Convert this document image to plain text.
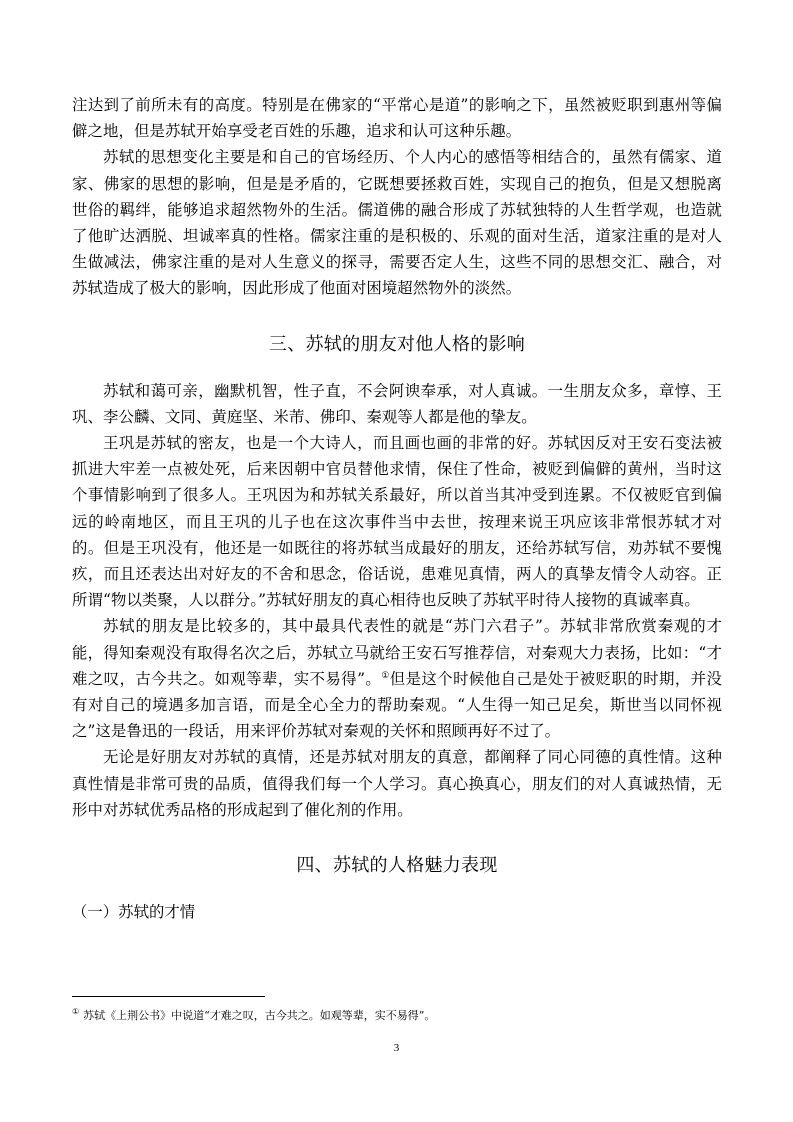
注达到了前所未有的高度。特别是在佛家的“平常心是道”的影响之下，虽然被贬职到惠州等偏僻之地，但是苏轼开始享受老百姓的乐趣，追求和认可这种乐趣。

苏轼的思想变化主要是和自己的官场经历、个人内心的感悟等相结合的，虽然有儒家、道家、佛家的思想的影响，但是是矛盾的，它既想要拯救百姓，实现自己的抱负，但是又想脱离世俗的羁绊，能够追求超然物外的生活。儒道佛的融合形成了苏轼独特的人生哲学观，也造就了他旷达洒脱、坦诚率真的性格。儒家注重的是积极的、乐观的面对生活，道家注重的是对人生做减法，佛家注重的是对人生意义的探寻，需要否定人生，这些不同的思想交汇、融合，对苏轼造成了极大的影响，因此形成了他面对困境超然物外的淡然。

三、苏轼的朋友对他人格的影响

苏轼和蔼可亲，幽默机智，性子直，不会阿谀奉承，对人真诚。一生朋友众多，章惇、王巩、李公麟、文同、黄庭坚、米芾、佛印、秦观等人都是他的挚友。

王巩是苏轼的密友，也是一个大诗人，而且画也画的非常的好。苏轼因反对王安石变法被抓进大牢差一点被处死，后来因朝中官员替他求情，保住了性命，被贬到偏僻的黄州，当时这个事情影响到了很多人。王巩因为和苏轼关系最好，所以首当其冲受到连累。不仅被贬官到偏远的岭南地区，而且王巩的儿子也在这次事件当中去世，按理来说王巩应该非常恨苏轼才对的。但是王巩没有，他还是一如既往的将苏轼当成最好的朋友，还给苏轼写信，劝苏轼不要愧疚，而且还表达出对好友的不舍和思念，俗话说，患难见真情，两人的真挚友情令人动容。正所谓“物以类聚，人以群分。”苏轼好朋友的真心相待也反映了苏轼平时待人接物的真诚率真。

苏轼的朋友是比较多的，其中最具代表性的就是“苏门六君子”。苏轼非常欣赏秦观的才能，得知秦观没有取得名次之后，苏轼立马就给王安石写推荐信，对秦观大力表扬，比如：“才难之叹，古今共之。如观等辈，实不易得”。①但是这个时候他自己是处于被贬职的时期，并没有对自己的境遇多加言语，而是全心全力的帮助秦观。“人生得一知己足矣，斯世当以同怀视之”这是鲁迅的一段话，用来评价苏轼对秦观的关怀和照顾再好不过了。

无论是好朋友对苏轼的真情，还是苏轼对朋友的真意，都阐释了同心同德的真性情。这种真性情是非常可贵的品质，值得我们每一个人学习。真心换真心，朋友们的对人真诚热情，无形中对苏轼优秀品格的形成起到了催化剂的作用。

四、苏轼的人格魅力表现
（一）苏轼的才情
① 苏轼《上荆公书》中说道“才难之叹，古今共之。如观等辈，实不易得”。
3
